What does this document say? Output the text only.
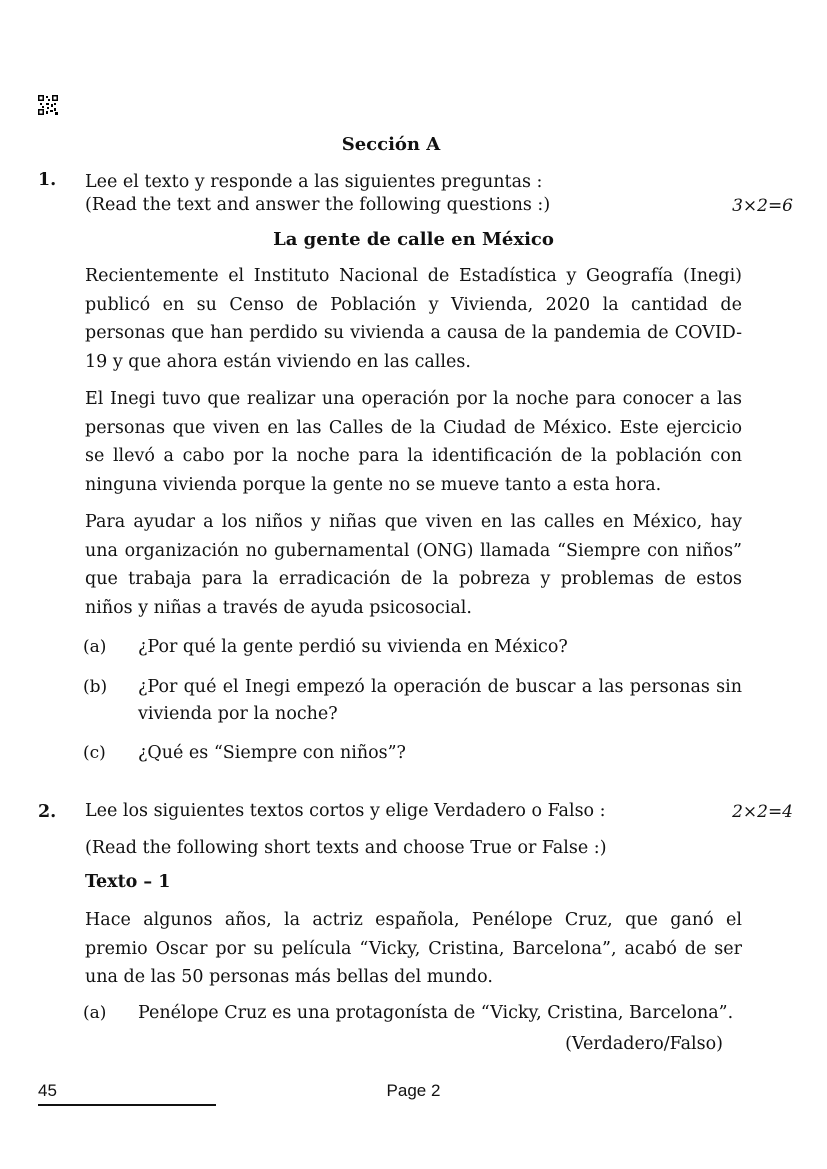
Sección A
1. Lee el texto y responde a las siguientes preguntas :
(Read the text and answer the following questions :)	3×2=6
La gente de calle en México
Recientemente el Instituto Nacional de Estadística y Geografía (Inegi) publicó en su Censo de Población y Vivienda, 2020 la cantidad de personas que han perdido su vivienda a causa de la pandemia de COVID-19 y que ahora están viviendo en las calles.
El Inegi tuvo que realizar una operación por la noche para conocer a las personas que viven en las Calles de la Ciudad de México. Este ejercicio se llevó a cabo por la noche para la identificación de la población con ninguna vivienda porque la gente no se mueve tanto a esta hora.
Para ayudar a los niños y niñas que viven en las calles en México, hay una organización no gubernamental (ONG) llamada “Siempre con niños” que trabaja para la erradicación de la pobreza y problemas de estos niños y niñas a través de ayuda psicosocial.
(a) ¿Por qué la gente perdió su vivienda en México?
(b) ¿Por qué el Inegi empezó la operación de buscar a las personas sin vivienda por la noche?
(c) ¿Qué es “Siempre con niños”?
2. Lee los siguientes textos cortos y elige Verdadero o Falso :	2×2=4
(Read the following short texts and choose True or False :)
Texto – 1
Hace algunos años, la actriz española, Penélope Cruz, que ganó el premio Oscar por su película “Vicky, Cristina, Barcelona”, acabó de ser una de las 50 personas más bellas del mundo.
(a) Penélope Cruz es una protagonísta de “Vicky, Cristina, Barcelona”.
(Verdadero/Falso)
45	Page 2
